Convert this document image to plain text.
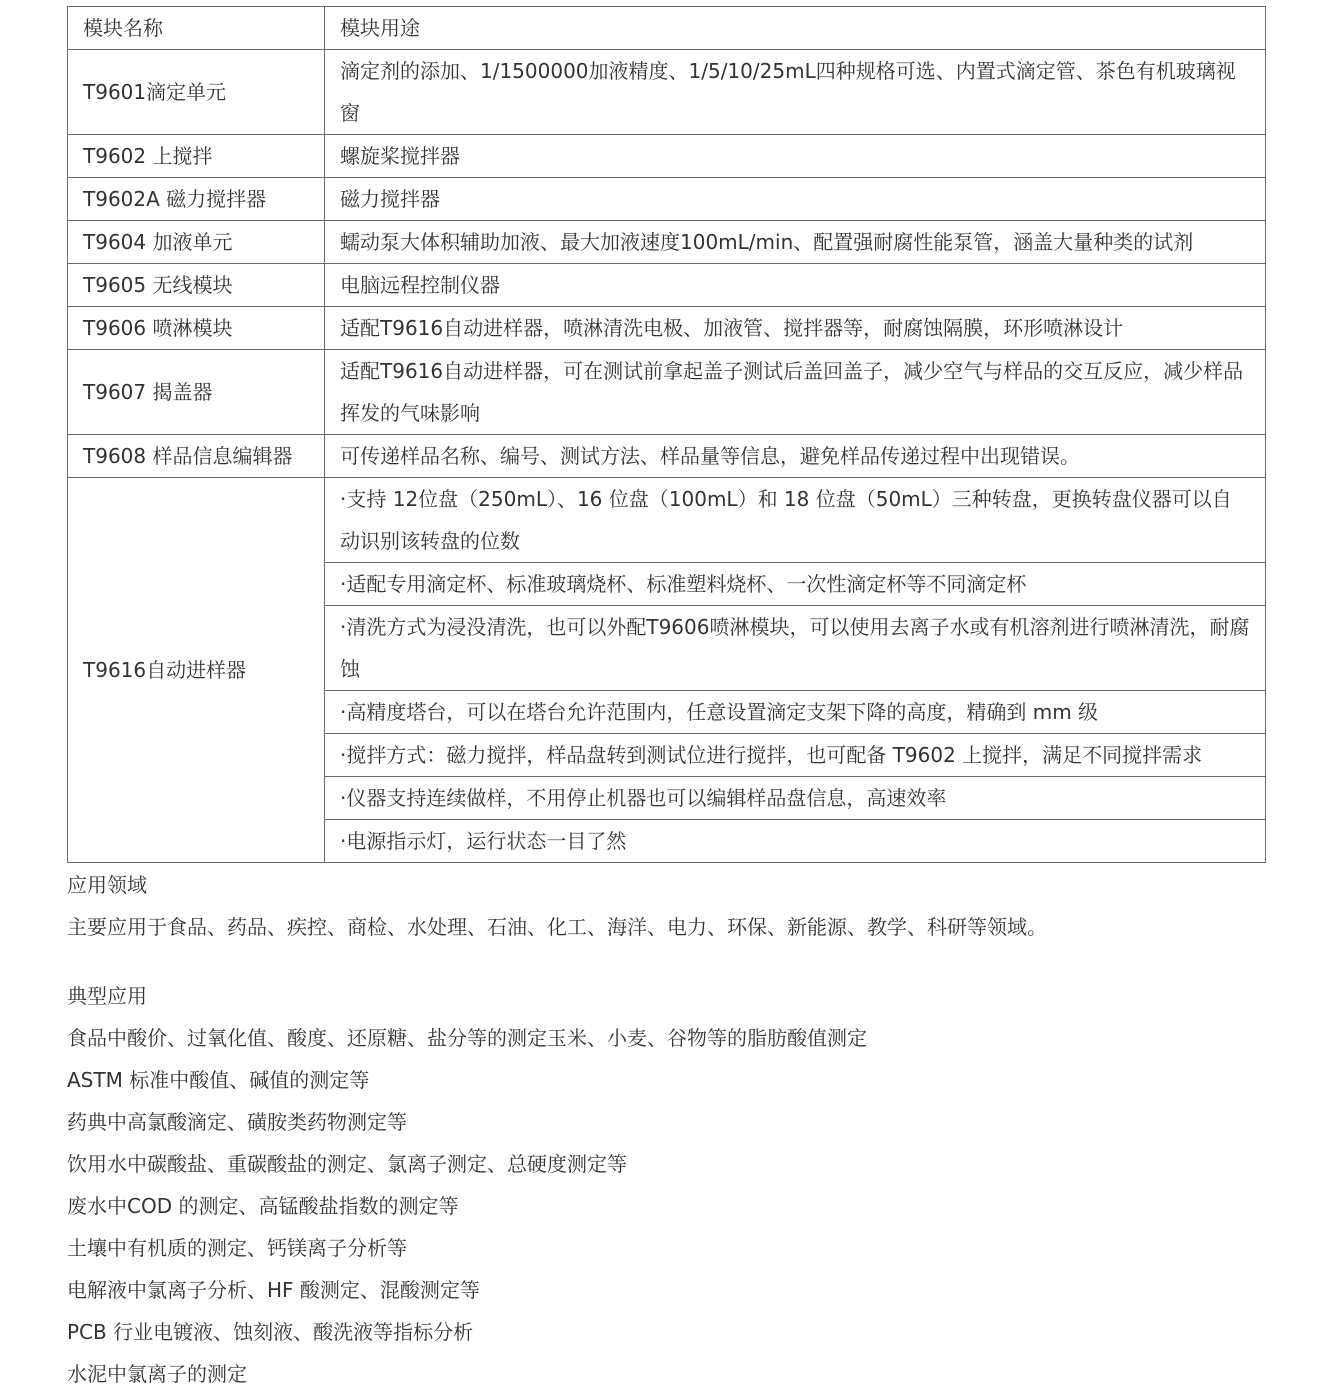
模块名称	模块用途
T9601滴定单元	滴定剂的添加、1/1500000加液精度、1/5/10/25mL四种规格可选、内置式滴定管、茶色有机玻璃视窗
T9602 上搅拌	螺旋桨搅拌器
T9602A 磁力搅拌器	磁力搅拌器
T9604 加液单元	蠕动泵大体积辅助加液、最大加液速度100mL/min、配置强耐腐性能泵管，涵盖大量种类的试剂
T9605 无线模块	电脑远程控制仪器
T9606 喷淋模块	适配T9616自动进样器，喷淋清洗电极、加液管、搅拌器等，耐腐蚀隔膜，环形喷淋设计
T9607 揭盖器	适配T9616自动进样器，可在测试前拿起盖子测试后盖回盖子，减少空气与样品的交互反应，减少样品挥发的气味影响
T9608 样品信息编辑器	可传递样品名称、编号、测试方法、样品量等信息，避免样品传递过程中出现错误。
T9616自动进样器	·支持 12位盘（250mL）、16 位盘（100mL）和 18 位盘（50mL）三种转盘，更换转盘仪器可以自动识别该转盘的位数
	·适配专用滴定杯、标准玻璃烧杯、标准塑料烧杯、一次性滴定杯等不同滴定杯
	·清洗方式为浸没清洗，也可以外配T9606喷淋模块，可以使用去离子水或有机溶剂进行喷淋清洗，耐腐蚀
	·高精度塔台，可以在塔台允许范围内，任意设置滴定支架下降的高度，精确到 mm 级
	·搅拌方式：磁力搅拌，样品盘转到测试位进行搅拌，也可配备 T9602 上搅拌，满足不同搅拌需求
	·仪器支持连续做样，不用停止机器也可以编辑样品盘信息，高速效率
	·电源指示灯，运行状态一目了然
应用领域
主要应用于食品、药品、疾控、商检、水处理、石油、化工、海洋、电力、环保、新能源、教学、科研等领域。
典型应用
食品中酸价、过氧化值、酸度、还原糖、盐分等的测定玉米、小麦、谷物等的脂肪酸值测定
ASTM 标准中酸值、碱值的测定等
药典中高氯酸滴定、磺胺类药物测定等
饮用水中碳酸盐、重碳酸盐的测定、氯离子测定、总硬度测定等
废水中COD 的测定、高锰酸盐指数的测定等
土壤中有机质的测定、钙镁离子分析等
电解液中氯离子分析、HF 酸测定、混酸测定等
PCB 行业电镀液、蚀刻液、酸洗液等指标分析
水泥中氯离子的测定
